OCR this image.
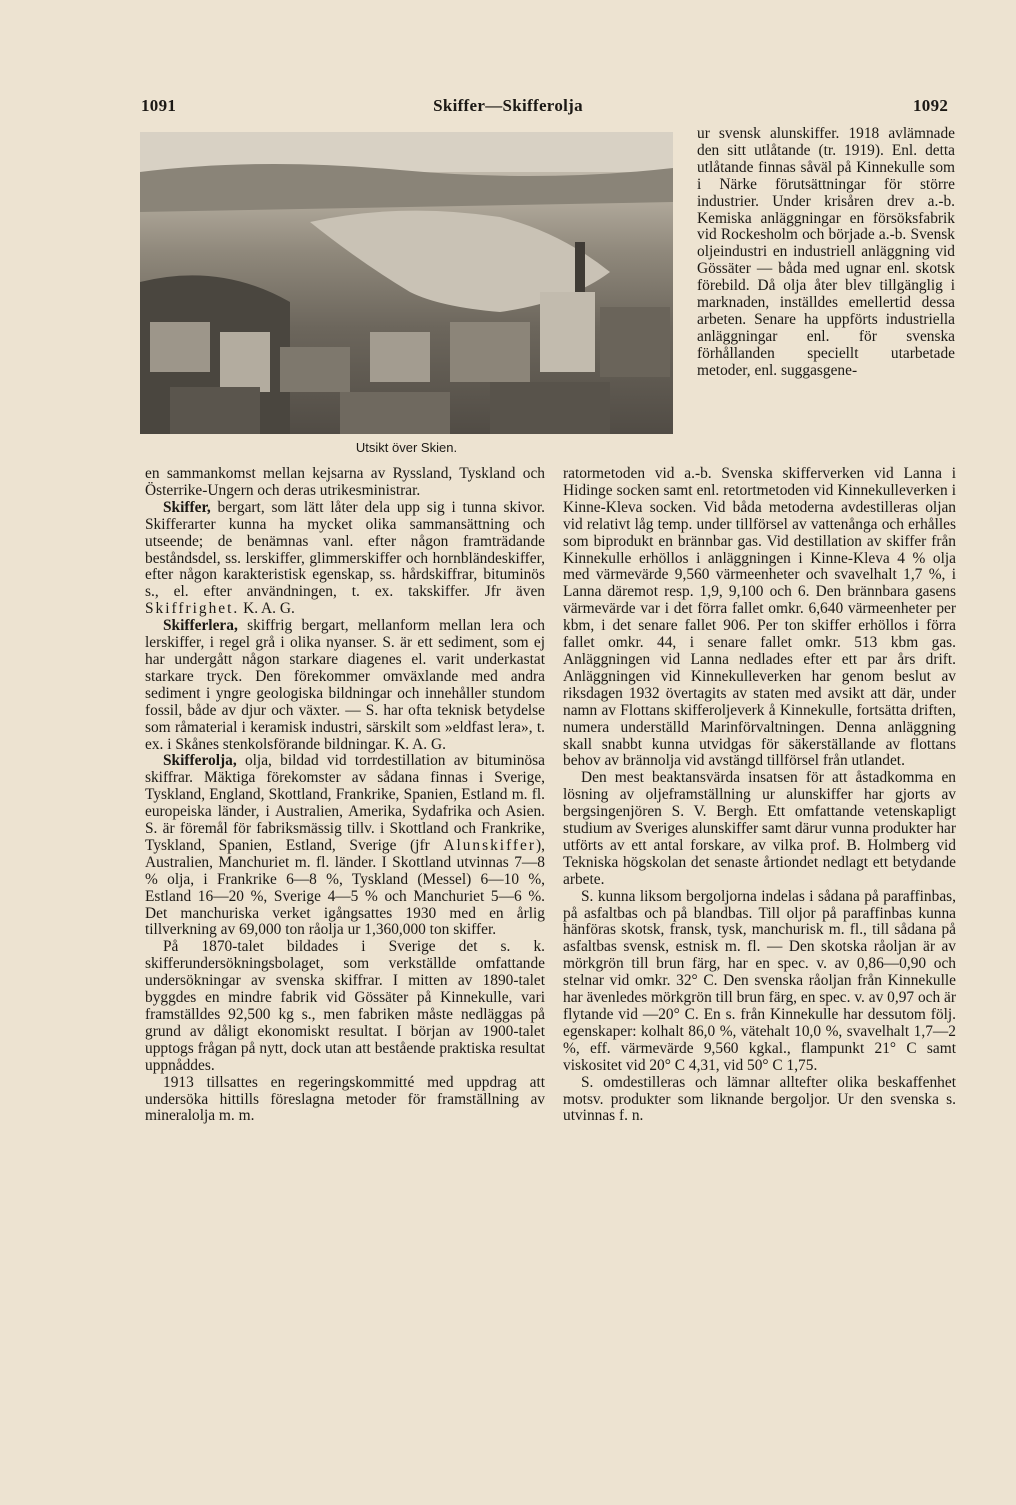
1091	Skiffer—Skifferolja	1092
Utsikt över Skien.

ur svensk alunskiffer. 1918 avlämnade den sitt utlåtande (tr. 1919). Enl. detta utlåtande finnas såväl på Kinnekulle som i Närke förutsättningar för större industrier. Under krisåren drev a.-b. Kemiska anläggningar en försöksfabrik vid Rockesholm och började a.-b. Svensk oljeindustri en industriell anläggning vid Gössäter — båda med ugnar enl. skotsk förebild. Då olja åter blev tillgänglig i marknaden, inställdes emellertid dessa arbeten. Senare ha uppförts industriella anläggningar enl. för svenska förhållanden speciellt utarbetade metoder, enl. suggasgene-

en sammankomst mellan kejsarna av Ryssland, Tyskland och Österrike-Ungern och deras utrikesministrar.

Skiffer, bergart, som lätt låter dela upp sig i tunna skivor. Skifferarter kunna ha mycket olika sammansättning och utseende; de benämnas vanl. efter någon framträdande beståndsdel, ss. lerskiffer, glimmerskiffer och hornbländeskiffer, efter någon karakteristisk egenskap, ss. hårdskiffrar, bituminös s., el. efter användningen, t. ex. takskiffer. Jfr även Skiffrighet. K. A. G.

Skifferlera, skiffrig bergart, mellanform mellan lera och lerskiffer, i regel grå i olika nyanser. S. är ett sediment, som ej har undergått någon starkare diagenes el. varit underkastat starkare tryck. Den förekommer omväxlande med andra sediment i yngre geologiska bildningar och innehåller stundom fossil, både av djur och växter. — S. har ofta teknisk betydelse som råmaterial i keramisk industri, särskilt som »eldfast lera», t. ex. i Skånes stenkolsförande bildningar. K. A. G.

Skifferolja, olja, bildad vid torrdestillation av bituminösa skiffrar. Mäktiga förekomster av sådana finnas i Sverige, Tyskland, England, Skottland, Frankrike, Spanien, Estland m. fl. europeiska länder, i Australien, Amerika, Sydafrika och Asien. S. är föremål för fabriksmässig tillv. i Skottland och Frankrike, Tyskland, Spanien, Estland, Sverige (jfr Alunskiffer), Australien, Manchuriet m. fl. länder. I Skottland utvinnas 7—8 % olja, i Frankrike 6—8 %, Tyskland (Messel) 6—10 %, Estland 16—20 %, Sverige 4—5 % och Manchuriet 5—6 %. Det manchuriska verket igångsattes 1930 med en årlig tillverkning av 69,000 ton råolja ur 1,360,000 ton skiffer.

På 1870-talet bildades i Sverige det s. k. skifferundersökningsbolaget, som verkställde omfattande undersökningar av svenska skiffrar. I mitten av 1890-talet byggdes en mindre fabrik vid Gössäter på Kinnekulle, vari framställdes 92,500 kg s., men fabriken måste nedläggas på grund av dåligt ekonomiskt resultat. I början av 1900-talet upptogs frågan på nytt, dock utan att bestående praktiska resultat uppnåddes.

1913 tillsattes en regeringskommitté med uppdrag att undersöka hittills föreslagna metoder för framställning av mineralolja m. m.

ratormetoden vid a.-b. Svenska skifferverken vid Lanna i Hidinge socken samt enl. retortmetoden vid Kinnekulleverken i Kinne-Kleva socken. Vid båda metoderna avdestilleras oljan vid relativt låg temp. under tillförsel av vattenånga och erhålles som biprodukt en brännbar gas. Vid destillation av skiffer från Kinnekulle erhöllos i anläggningen i Kinne-Kleva 4 % olja med värmevärde 9,560 värmeenheter och svavelhalt 1,7 %, i Lanna däremot resp. 1,9, 9,100 och 6. Den brännbara gasens värmevärde var i det förra fallet omkr. 6,640 värmeenheter per kbm, i det senare fallet 906. Per ton skiffer erhöllos i förra fallet omkr. 44, i senare fallet omkr. 513 kbm gas. Anläggningen vid Lanna nedlades efter ett par års drift. Anläggningen vid Kinnekulleverken har genom beslut av riksdagen 1932 övertagits av staten med avsikt att där, under namn av Flottans skifferoljeverk å Kinnekulle, fortsätta driften, numera underställd Marinförvaltningen. Denna anläggning skall snabbt kunna utvidgas för säkerställande av flottans behov av brännolja vid avstängd tillförsel från utlandet.

Den mest beaktansvärda insatsen för att åstadkomma en lösning av oljeframställning ur alunskiffer har gjorts av bergsingenjören S. V. Bergh. Ett omfattande vetenskapligt studium av Sveriges alunskiffer samt därur vunna produkter har utförts av ett antal forskare, av vilka prof. B. Holmberg vid Tekniska högskolan det senaste årtiondet nedlagt ett betydande arbete.

S. kunna liksom bergoljorna indelas i sådana på paraffinbas, på asfaltbas och på blandbas. Till oljor på paraffinbas kunna hänföras skotsk, fransk, tysk, manchurisk m. fl., till sådana på asfaltbas svensk, estnisk m. fl. — Den skotska råoljan är av mörkgrön till brun färg, har en spec. v. av 0,86—0,90 och stelnar vid omkr. 32° C. Den svenska råoljan från Kinnekulle har ävenledes mörkgrön till brun färg, en spec. v. av 0,97 och är flytande vid —20° C. En s. från Kinnekulle har dessutom följ. egenskaper: kolhalt 86,0 %, vätehalt 10,0 %, svavelhalt 1,7—2 %, eff. värmevärde 9,560 kgkal., flampunkt 21° C samt viskositet vid 20° C 4,31, vid 50° C 1,75.

S. omdestilleras och lämnar alltefter olika beskaffenhet motsv. produkter som liknande bergoljor. Ur den svenska s. utvinnas f. n.
